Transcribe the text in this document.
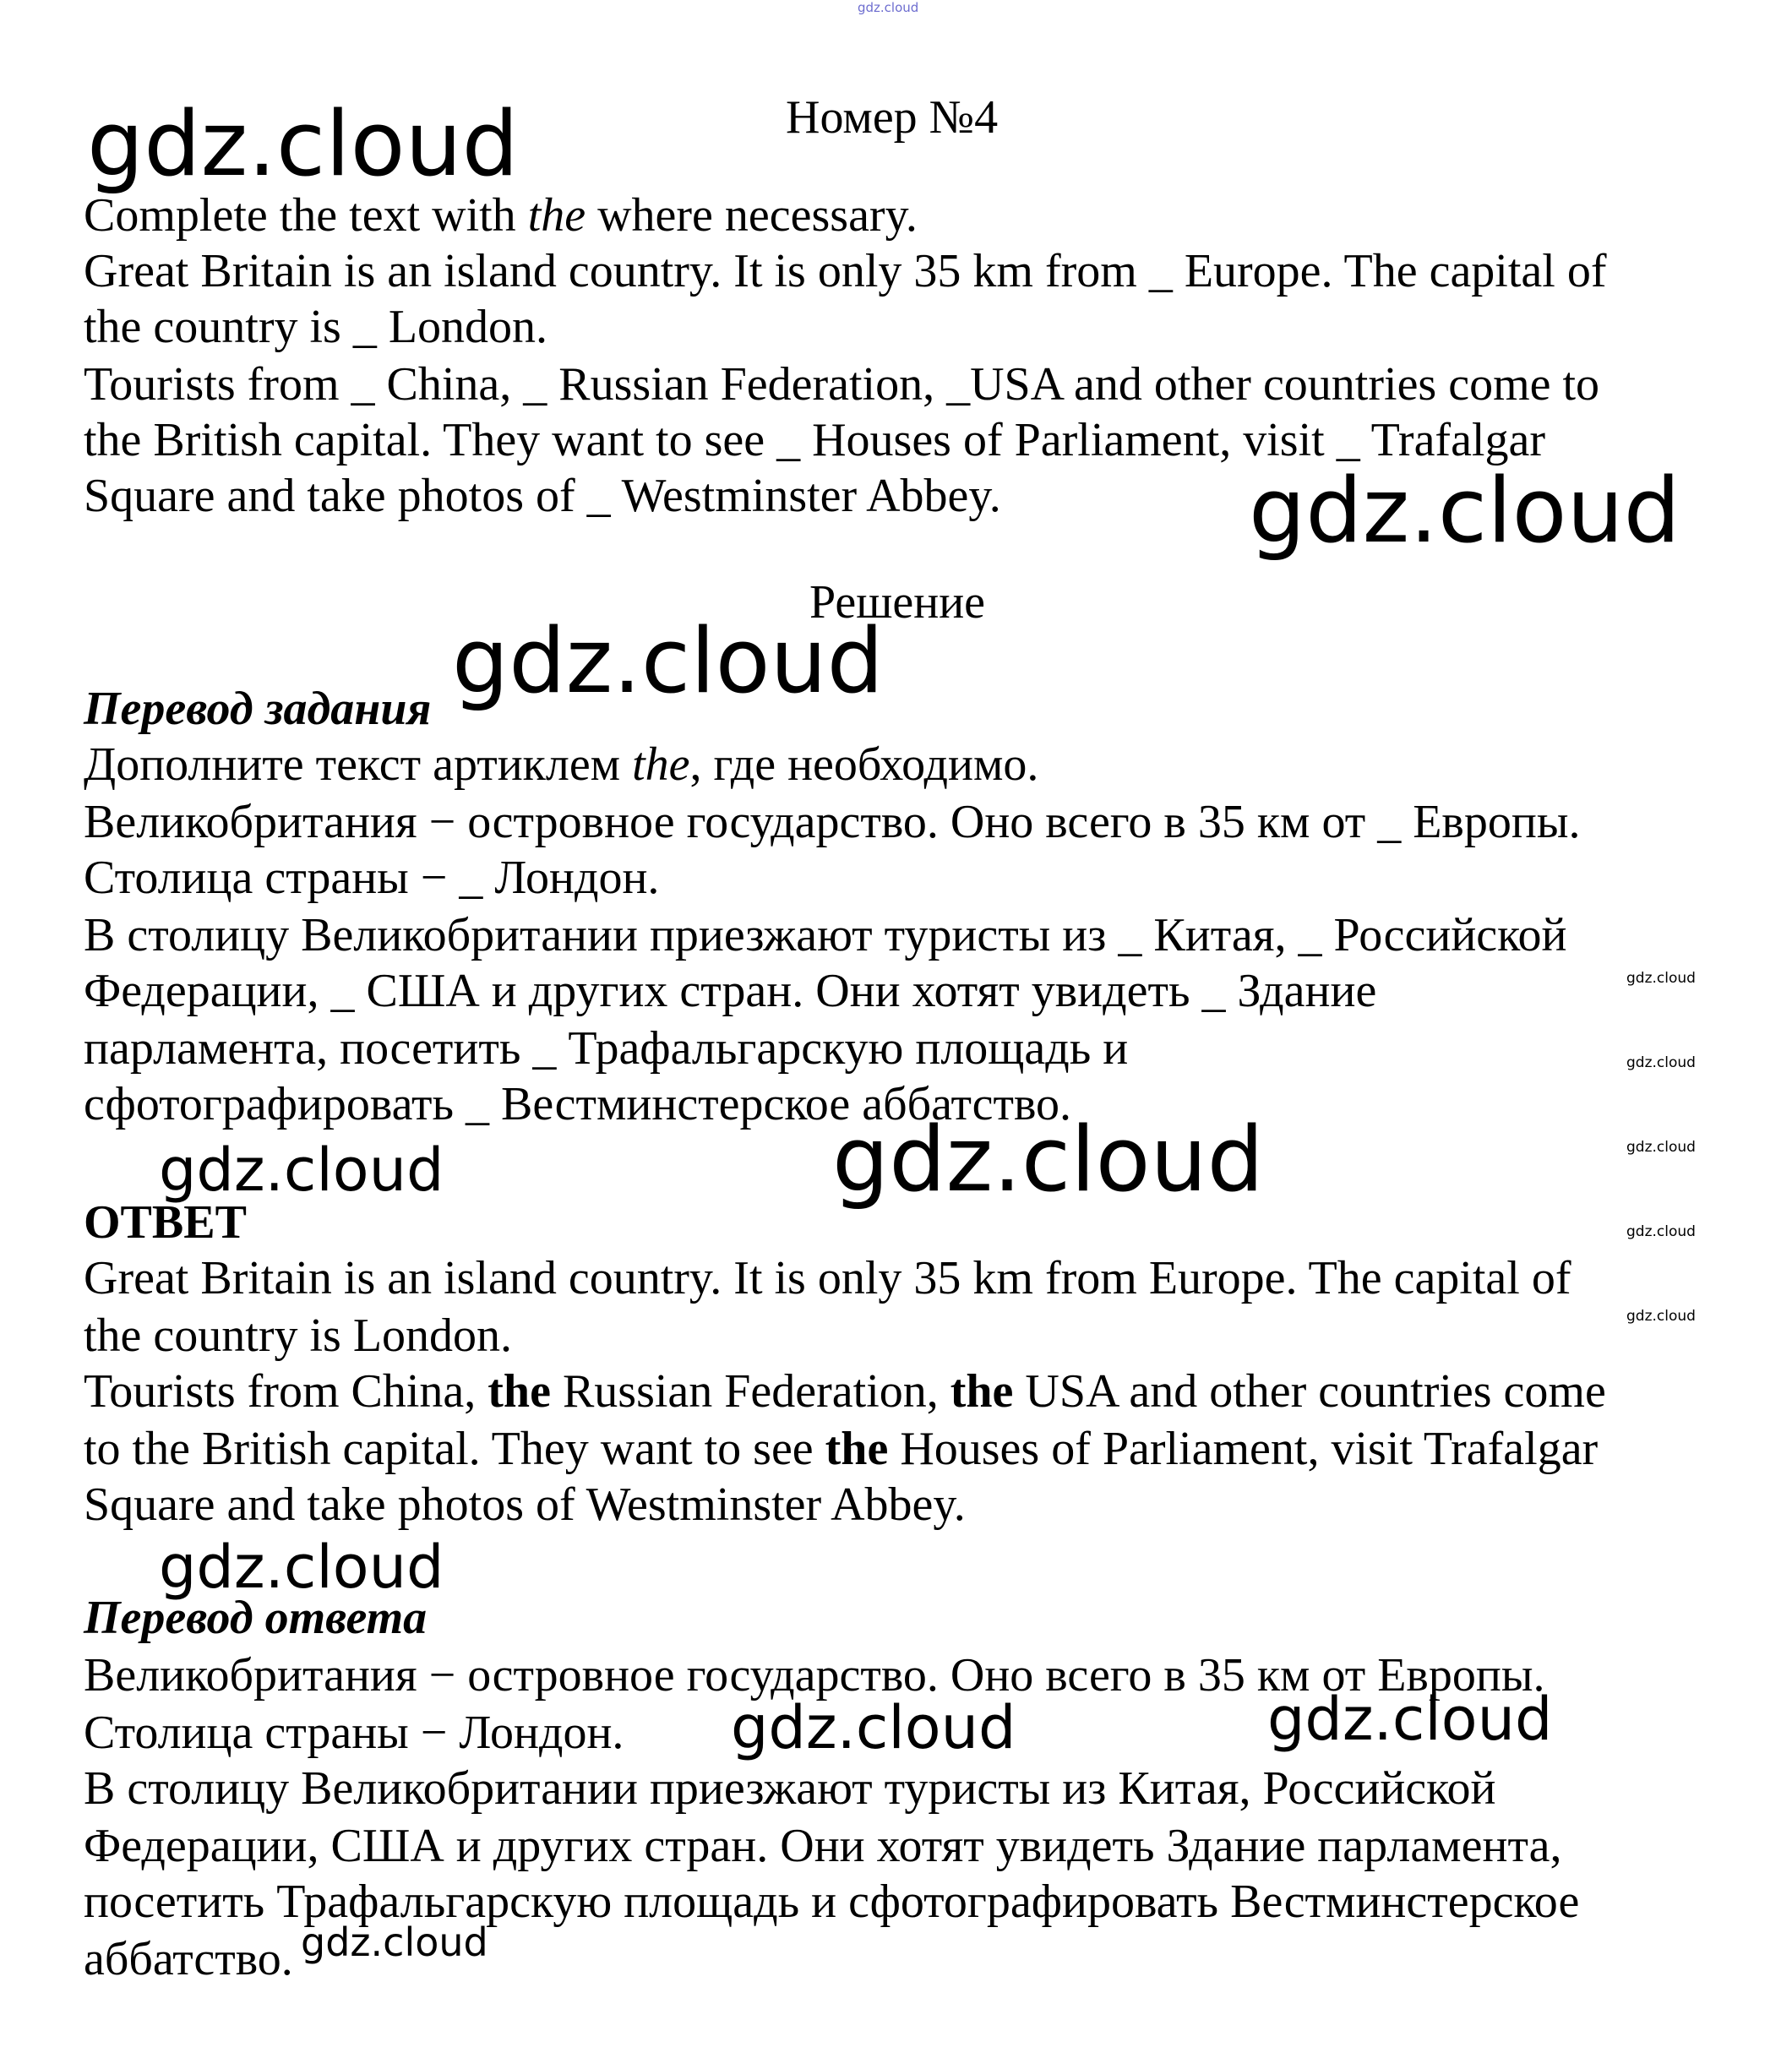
gdz.cloud

Номер №4

Complete the text with the where necessary.

Great Britain is an island country. It is only 35 km from _ Europe. The capital of

the country is _ London.

Tourists from _ China, _ Russian Federation, _USA and other countries come to

the British capital. They want to see _ Houses of Parliament, visit _ Trafalgar

Square and take photos of _ Westminster Abbey.

Решение

Перевод задания

Дополните текст артиклем the, где необходимо.

Великобритания − островное государство. Оно всего в 35 км от _ Европы.

Столица страны − _ Лондон.

В столицу Великобритании приезжают туристы из _ Китая, _ Российской

Федерации, _ США и других стран. Они хотят увидеть _ Здание

парламента, посетить _ Трафальгарскую площадь и

сфотографировать _ Вестминстерское аббатство.

ОТВЕТ

Great Britain is an island country. It is only 35 km from Europe. The capital of

the country is London.

Tourists from China, the Russian Federation, the USA and other countries come

to the British capital. They want to see the Houses of Parliament, visit Trafalgar

Square and take photos of Westminster Abbey.

Перевод ответа

Великобритания − островное государство. Оно всего в 35 км от Европы.

Столица страны − Лондон.

В столицу Великобритании приезжают туристы из Китая, Российской

Федерации, США и других стран. Они хотят увидеть Здание парламента,

посетить Трафальгарскую площадь и сфотографировать Вестминстерское

аббатство.

gdz.cloud
gdz.cloud
gdz.cloud
gdz.cloud
gdz.cloud
gdz.cloud
gdz.cloud	gdz.cloud
gdz.cloud
gdz.cloud
gdz.cloud
gdz.cloud
gdz.cloud
gdz.cloud
